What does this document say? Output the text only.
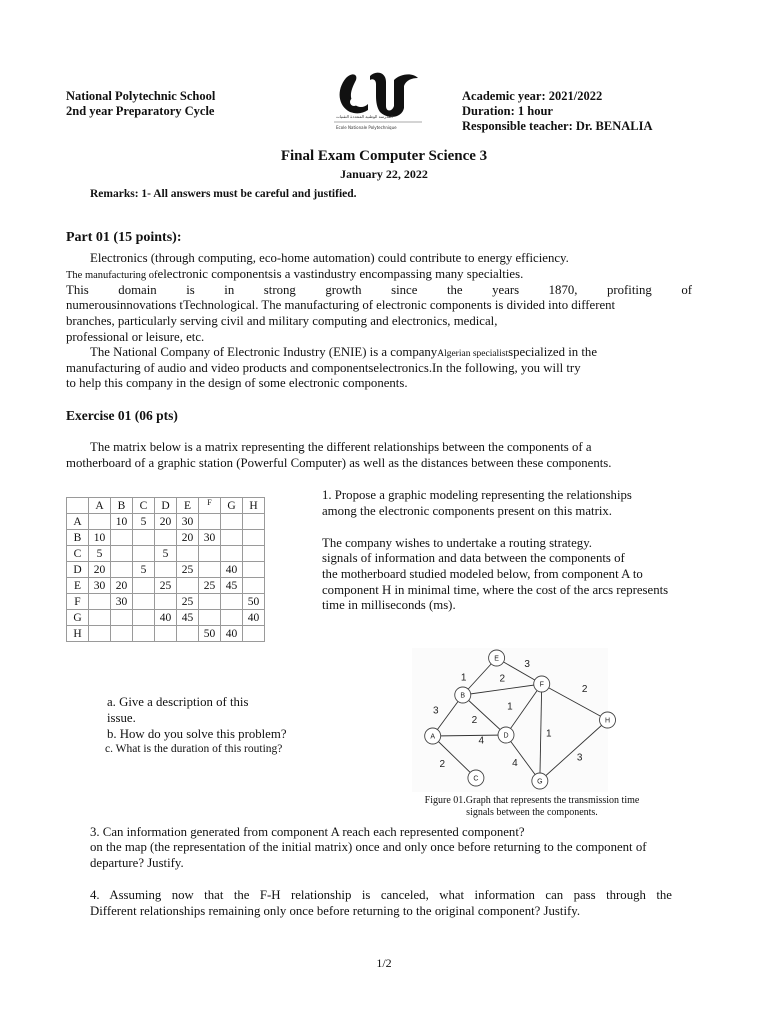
National Polytechnic School
2nd year Preparatory Cycle	المدرسة الوطنية المتعددة التقنيات
Ecole Nationale Polytechnique
Academic year: 2021/2022
Duration: 1 hour
Responsible teacher: Dr. BENALIA
Final Exam Computer Science 3
January 22, 2022
Remarks: 1- All answers must be careful and justified.
Part 01 (15 points):
Electronics (through computing, eco-home automation) could contribute to energy efficiency.
The manufacturing ofelectronic componentsis a vastindustry encompassing many specialties.
This domain is in strong growth since the years 1870, profiting of
numerousinnovations tTechnological. The manufacturing of electronic components is divided into different
branches, particularly serving civil and military computing and electronics, medical,
professional or leisure, etc.
The National Company of Electronic Industry (ENIE) is a companyAlgerian specialistspecialized in the
manufacturing of audio and video products and componentselectronics.In the following, you will try
to help this company in the design of some electronic components.
Exercise 01 (06 pts)
The matrix below is a matrix representing the different relationships between the components of a
motherboard of a graphic station (Powerful Computer) as well as the distances between these components.
	A	B	C	D	E	F	G	H
A		10	5	20	30			
B	10				20	30		
C	5			5				
D	20		5		25		40	
E	30	20		25		25	45	
F		30			25			50
G				40	45			40
H						50	40	
1. Propose a graphic modeling representing the relationships
among the electronic components present on this matrix.
The company wishes to undertake a routing strategy.
signals of information and data between the components of
the motherboard studied modeled below, from component A to
component H in minimal time, where the cost of the arcs represents
time in milliseconds (ms).
a. Give a description of this
issue.
b. How do you solve this problem?
c. What is the duration of this routing?
1
3
2
3
2
1
2
1
4
2	4	3
A
B
C
D
E
F
G
H
Figure 01.Graph that represents the transmission time
signals between the components.
3. Can information generated from component A reach each represented component?
on the map (the representation of the initial matrix) once and only once before returning to the component of
departure? Justify.
4. Assuming now that the F-H relationship is canceled, what information can pass through the
Different relationships remaining only once before returning to the original component? Justify.
1/2
